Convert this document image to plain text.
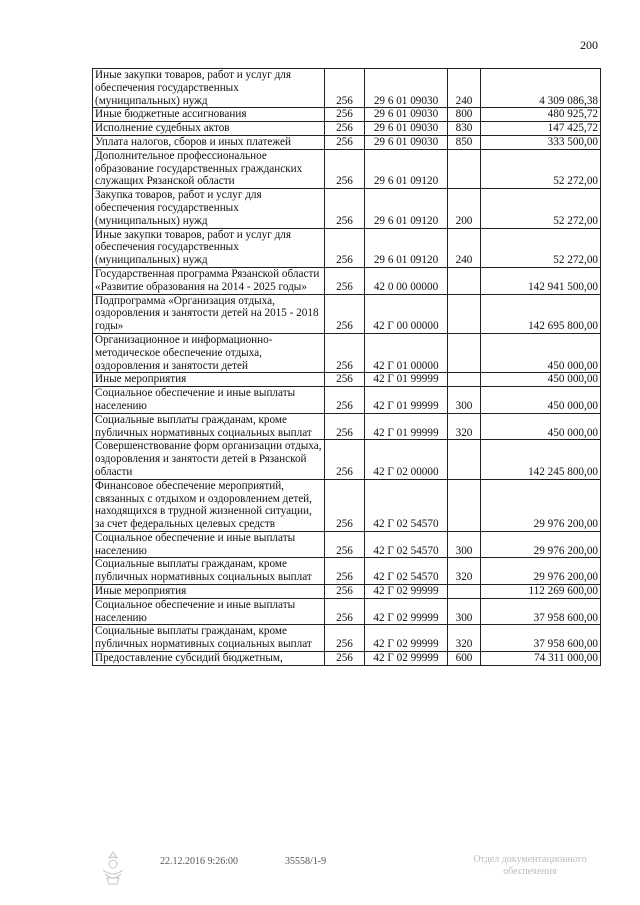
200
Иные закупки товаров, работ и услуг для обеспечения государственных (муниципальных) нужд	256	29 6 01 09030	240	4 309 086,38
Иные бюджетные ассигнования	256	29 6 01 09030	800	480 925,72
Исполнение судебных актов	256	29 6 01 09030	830	147 425,72
Уплата налогов, сборов и иных платежей	256	29 6 01 09030	850	333 500,00
Дополнительное профессиональное образование государственных гражданских служащих Рязанской области	256	29 6 01 09120		52 272,00
Закупка товаров, работ и услуг для обеспечения государственных (муниципальных) нужд	256	29 6 01 09120	200	52 272,00
Иные закупки товаров, работ и услуг для обеспечения государственных (муниципальных) нужд	256	29 6 01 09120	240	52 272,00
Государственная программа Рязанской области «Развитие образования на 2014 - 2025 годы»	256	42 0 00 00000		142 941 500,00
Подпрограмма «Организация отдыха, оздоровления и занятости детей на 2015 - 2018 годы»	256	42 Г 00 00000		142 695 800,00
Организационное и информационно-методическое обеспечение отдыха, оздоровления и занятости детей	256	42 Г 01 00000		450 000,00
Иные мероприятия	256	42 Г 01 99999		450 000,00
Социальное обеспечение и иные выплаты населению	256	42 Г 01 99999	300	450 000,00
Социальные выплаты гражданам, кроме публичных нормативных социальных выплат	256	42 Г 01 99999	320	450 000,00
Совершенствование форм организации отдыха, оздоровления и занятости детей в Рязанской области	256	42 Г 02 00000		142 245 800,00
Финансовое обеспечение мероприятий, связанных с отдыхом и оздоровлением детей, находящихся в трудной жизненной ситуации, за счет федеральных целевых средств	256	42 Г 02 54570		29 976 200,00
Социальное обеспечение и иные выплаты населению	256	42 Г 02 54570	300	29 976 200,00
Социальные выплаты гражданам, кроме публичных нормативных социальных выплат	256	42 Г 02 54570	320	29 976 200,00
Иные мероприятия	256	42 Г 02 99999		112 269 600,00
Социальное обеспечение и иные выплаты населению	256	42 Г 02 99999	300	37 958 600,00
Социальные выплаты гражданам, кроме публичных нормативных социальных выплат	256	42 Г 02 99999	320	37 958 600,00
Предоставление субсидий бюджетным,	256	42 Г 02 99999	600	74 311 000,00
22.12.2016 9:26:00	35558/1-9	Отдел документационного
обеспечения
